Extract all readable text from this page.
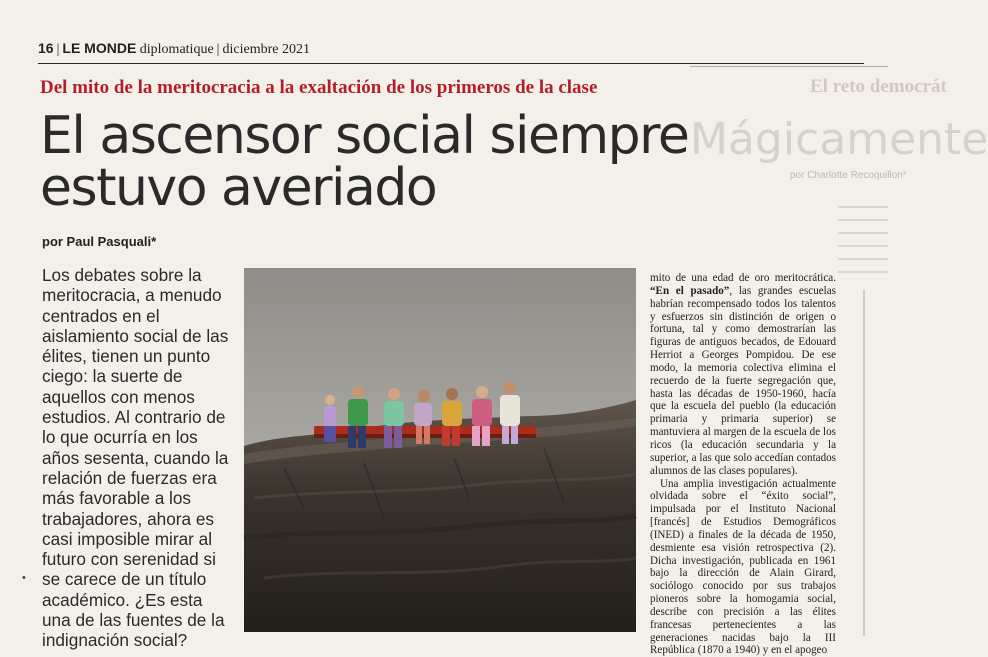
16 | LE MONDE diplomatique | diciembre 2021
El reto democrát
Mágicamente
por Charlotte Recoquillon*
Del mito de la meritocracia a la exaltación de los primeros de la clase
El ascensor social siempre estuvo averiado
por Paul Pasquali*

Los debates sobre la meritocracia, a menudo centrados en el aislamiento social de las élites, tienen un punto ciego: la suerte de aquellos con menos estudios. Al contrario de lo que ocurría en los años sesenta, cuando la relación de fuerzas era más favorable a los trabajadores, ahora es casi imposible mirar al futuro con serenidad si se carece de un título académico. ¿Es esta una de las fuentes de la indignación social?

•

mito de una edad de oro meritocrática. “En el pasado”, las grandes escuelas habrían recompensado todos los talentos y esfuerzos sin distinción de origen o fortuna, tal y como demostrarían las figuras de antiguos becados, de Edouard Herriot a Georges Pompidou. De ese modo, la memoria colectiva elimina el recuerdo de la fuerte segregación que, hasta las décadas de 1950-1960, hacía que la escuela del pueblo (la educación primaria y primaria superior) se mantuviera al margen de la escuela de los ricos (la educación secundaria y la superior, a las que solo accedían contados alumnos de las clases populares).

Una amplia investigación actualmente olvidada sobre el “éxito social”, impulsada por el Instituto Nacional [francés] de Estudios Demográficos (INED) a finales de la década de 1950, desmiente esa visión retrospectiva (2). Dicha investigación, publicada en 1961 bajo la dirección de Alain Girard, sociólogo conocido por sus trabajos pioneros sobre la homogamia social, describe con precisión a las élites francesas pertenecientes a las generaciones nacidas bajo la III República (1870 a 1940) y en el apogeo
